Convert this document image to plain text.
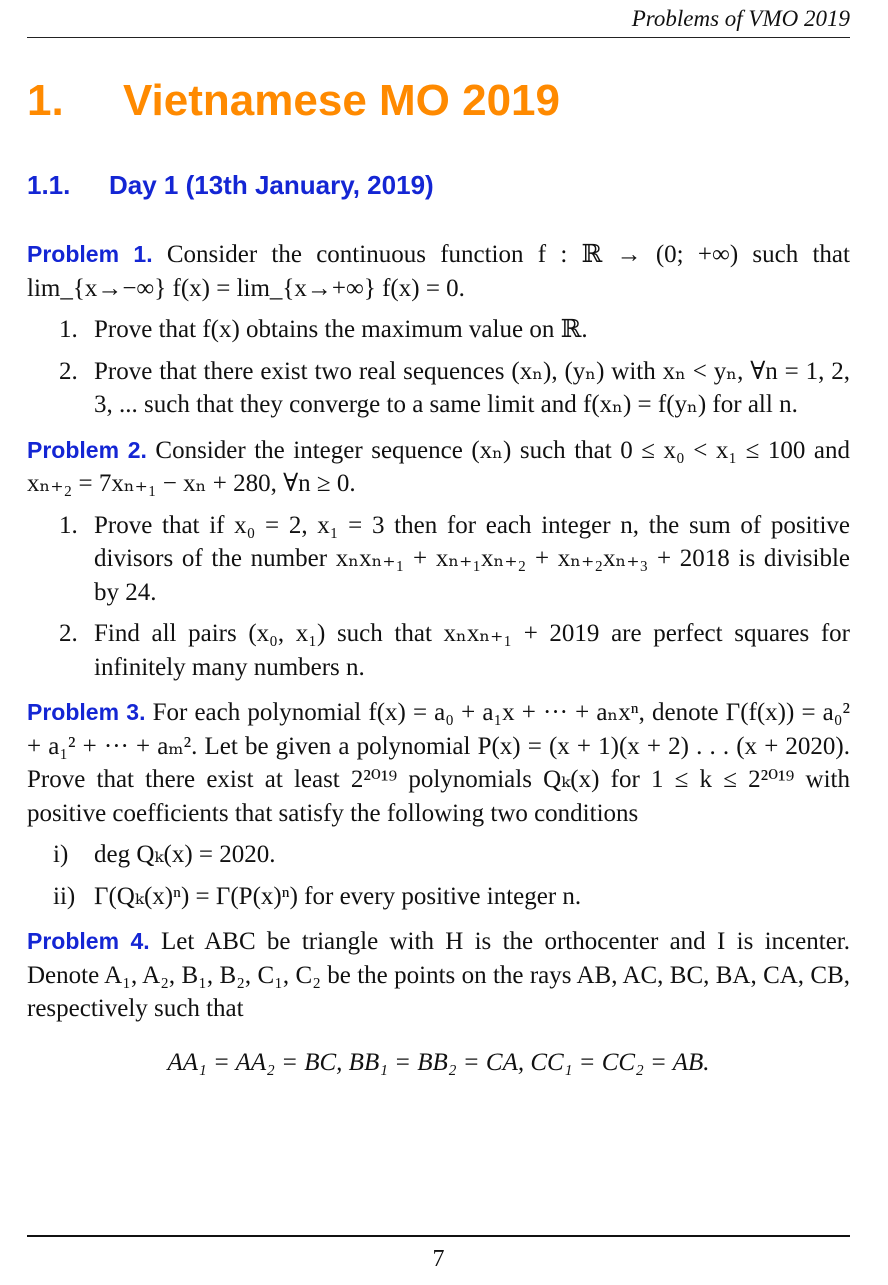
Problems of VMO 2019
1. Vietnamese MO 2019
1.1. Day 1 (13th January, 2019)
Problem 1. Consider the continuous function f : ℝ → (0; +∞) such that lim_{x→−∞} f(x) = lim_{x→+∞} f(x) = 0.
1. Prove that f(x) obtains the maximum value on ℝ.
2. Prove that there exist two real sequences (xₙ), (yₙ) with xₙ < yₙ, ∀n = 1, 2, 3, ... such that they converge to a same limit and f(xₙ) = f(yₙ) for all n.
Problem 2. Consider the integer sequence (xₙ) such that 0 ≤ x₀ < x₁ ≤ 100 and xₙ₊₂ = 7xₙ₊₁ − xₙ + 280, ∀n ≥ 0.
1. Prove that if x₀ = 2, x₁ = 3 then for each integer n, the sum of positive divisors of the number xₙxₙ₊₁ + xₙ₊₁xₙ₊₂ + xₙ₊₂xₙ₊₃ + 2018 is divisible by 24.
2. Find all pairs (x₀, x₁) such that xₙxₙ₊₁ + 2019 are perfect squares for infinitely many numbers n.
Problem 3. For each polynomial f(x) = a₀ + a₁x + ··· + aₙxⁿ, denote Γ(f(x)) = a₀² + a₁² + ··· + aₘ². Let be given a polynomial P(x) = (x + 1)(x + 2) . . . (x + 2020). Prove that there exist at least 2²⁰¹⁹ polynomials Qₖ(x) for 1 ≤ k ≤ 2²⁰¹⁹ with positive coefficients that satisfy the following two conditions
i) deg Qₖ(x) = 2020.
ii) Γ(Qₖ(x)ⁿ) = Γ(P(x)ⁿ) for every positive integer n.
Problem 4. Let ABC be triangle with H is the orthocenter and I is incenter. Denote A₁, A₂, B₁, B₂, C₁, C₂ be the points on the rays AB, AC, BC, BA, CA, CB, respectively such that
AA₁ = AA₂ = BC, BB₁ = BB₂ = CA, CC₁ = CC₂ = AB.
7
